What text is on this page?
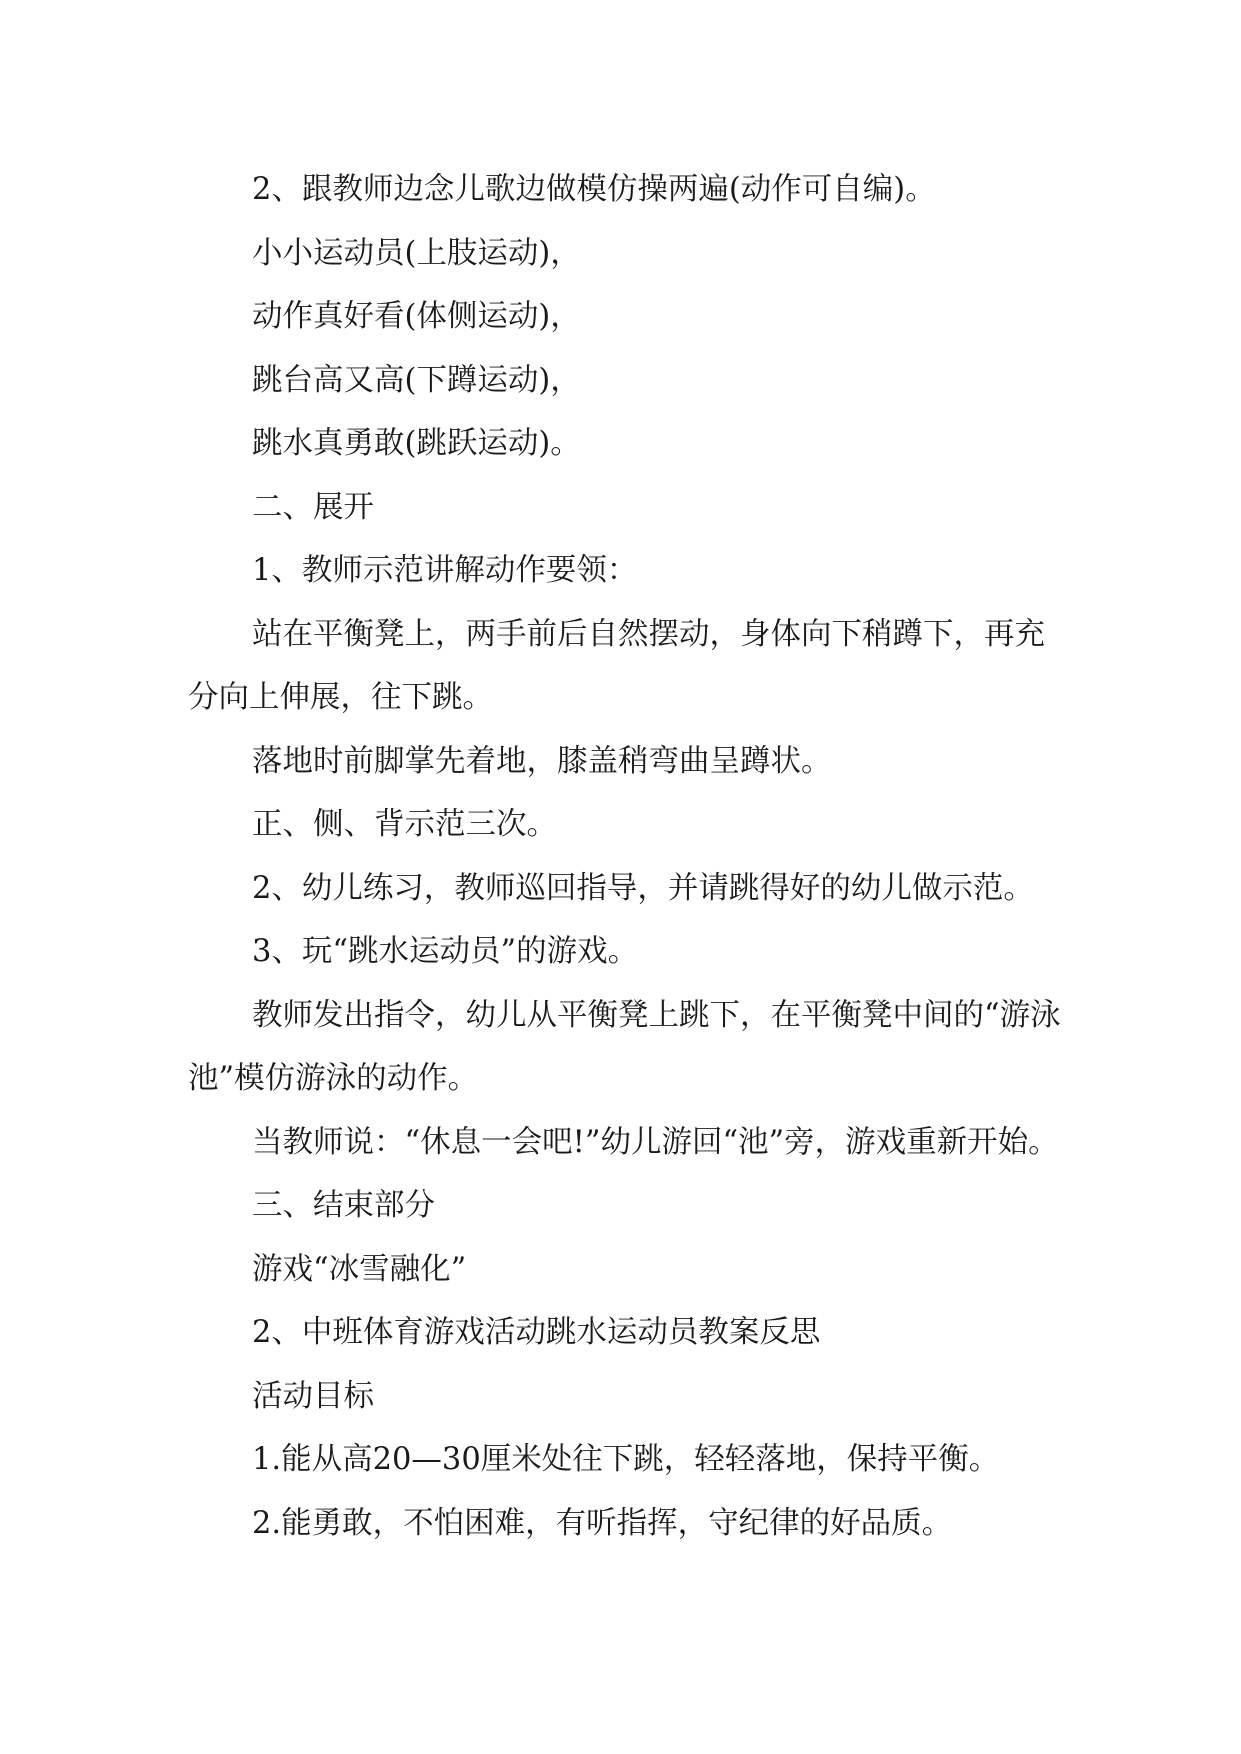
2、跟教师边念儿歌边做模仿操两遍(动作可自编)。

小小运动员(上肢运动)，

动作真好看(体侧运动)，

跳台高又高(下蹲运动)，

跳水真勇敢(跳跃运动)。

二、展开

1、教师示范讲解动作要领：

站在平衡凳上，两手前后自然摆动，身体向下稍蹲下，再充分向上伸展，往下跳。

落地时前脚掌先着地，膝盖稍弯曲呈蹲状。

正、侧、背示范三次。

2、幼儿练习，教师巡回指导，并请跳得好的幼儿做示范。

3、玩“跳水运动员”的游戏。

教师发出指令，幼儿从平衡凳上跳下，在平衡凳中间的“游泳池”模仿游泳的动作。

当教师说：“休息一会吧!”幼儿游回“池”旁，游戏重新开始。

三、结束部分

游戏“冰雪融化”

2、中班体育游戏活动跳水运动员教案反思

活动目标

1.能从高20—30厘米处往下跳，轻轻落地，保持平衡。

2.能勇敢，不怕困难，有听指挥，守纪律的好品质。
